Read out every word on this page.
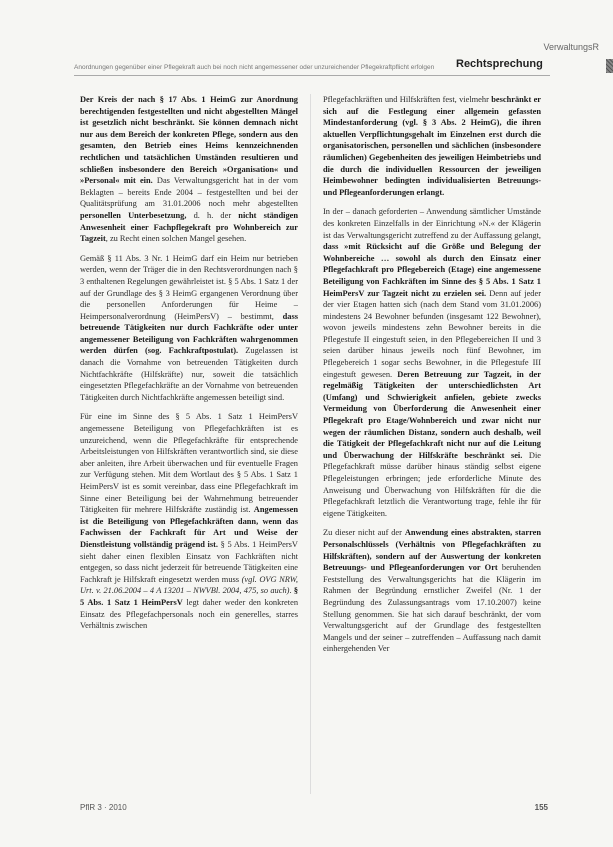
VerwaltungsR
Anordnungen gegenüber einer Pflegekraft auch bei noch nicht angemessener oder unzureichender Pflegekraftpflicht erfolgen	Rechtsprechung

Der Kreis der nach § 17 Abs. 1 HeimG zur Anordnung berechtigenden festgestellten und nicht abgestellten Mängel ist gesetzlich nicht beschränkt. Sie können demnach nicht nur aus dem Bereich der konkreten Pflege, sondern aus den gesamten, den Betrieb eines Heims kennzeichnenden rechtlichen und tatsächlichen Umständen resultieren und schließen insbesondere den Bereich »Organisation« und »Personal« mit ein. Das Verwaltungsgericht hat in der vom Beklagten – bereits Ende 2004 – festgestellten und bei der Qualitätsprüfung am 31.01.2006 noch mehr abgestellten personellen Unterbesetzung, d. h. der nicht ständigen Anwesenheit einer Fachpflegekraft pro Wohnbereich zur Tagzeit, zu Recht einen solchen Mangel gesehen.

Gemäß § 11 Abs. 3 Nr. 1 HeimG darf ein Heim nur betrieben werden, wenn der Träger die in den Rechtsverordnungen nach § 3 enthaltenen Regelungen gewährleistet ist. § 5 Abs. 1 Satz 1 der auf der Grundlage des § 3 HeimG ergangenen Verordnung über die personellen Anforderungen für Heime – Heimpersonalverordnung (HeimPersV) – bestimmt, dass betreuende Tätigkeiten nur durch Fachkräfte oder unter angemessener Beteiligung von Fachkräften wahrgenommen werden dürfen (sog. Fachkraftpostulat). Zugelassen ist danach die Vornahme von betreuenden Tätigkeiten durch Nichtfachkräfte (Hilfskräfte) nur, soweit die tatsächlich eingesetzten Pflegefachkräfte an der Vornahme von betreuenden Tätigkeiten durch Nichtfachkräfte angemessen beteiligt sind.

Für eine im Sinne des § 5 Abs. 1 Satz 1 HeimPersV angemessene Beteiligung von Pflegefachkräften ist es unzureichend, wenn die Pflegefachkräfte für entsprechende Arbeitsleistungen von Hilfskräften verantwortlich sind, sie diese aber anleiten, ihre Arbeit überwachen und für eventuelle Fragen zur Verfügung stehen. Mit dem Wortlaut des § 5 Abs. 1 Satz 1 HeimPersV ist es somit vereinbar, dass eine Pflegefachkraft im Sinne einer Beteiligung bei der Wahrnehmung betreuender Tätigkeiten für mehrere Hilfskräfte zuständig ist. Angemessen ist die Beteiligung von Pflegefachkräften dann, wenn das Fachwissen der Fachkraft für Art und Weise der Dienstleistung vollständig prägend ist. § 5 Abs. 1 HeimPersV sieht daher einen flexiblen Einsatz von Fachkräften nicht entgegen, so dass nicht jederzeit für betreuende Tätigkeiten eine Fachkraft je Hilfskraft eingesetzt werden muss (vgl. OVG NRW, Urt. v. 21.06.2004 – 4 A 13201 – NWVBl. 2004, 475, so auch). § 5 Abs. 1 Satz 1 HeimPersV legt daher weder den konkreten Einsatz des Pflegefachpersonals noch ein generelles, starres Verhältnis zwischen

Pflegefachkräften und Hilfskräften fest, vielmehr beschränkt er sich auf die Festlegung einer allgemein gefassten Mindestanforderung (vgl. § 3 Abs. 2 HeimG), die ihren aktuellen Verpflichtungsgehalt im Einzelnen erst durch die organisatorischen, personellen und sächlichen (insbesondere räumlichen) Gegebenheiten des jeweiligen Heimbetriebs und die durch die individuellen Ressourcen der jeweiligen Heimbewohner bedingten individualisierten Betreuungs- und Pflegeanforderungen erlangt.

In der – danach geforderten – Anwendung sämtlicher Umstände des konkreten Einzelfalls in der Einrichtung »N.« der Klägerin ist das Verwaltungsgericht zutreffend zu der Auffassung gelangt, dass »mit Rücksicht auf die Größe und Belegung der Wohnbereiche … sowohl als durch den Einsatz einer Pflegefachkraft pro Pflegebereich (Etage) eine angemessene Beteiligung von Fachkräften im Sinne des § 5 Abs. 1 Satz 1 HeimPersV zur Tagzeit nicht zu erzielen sei. Denn auf jeder der vier Etagen hatten sich (nach dem Stand vom 31.01.2006) mindestens 24 Bewohner befunden (insgesamt 122 Bewohner), wovon jeweils mindestens zehn Bewohner bereits in die Pflegestufe II eingestuft seien, in den Pflegebereichen II und 3 seien darüber hinaus jeweils noch fünf Bewohner, im Pflegebereich 1 sogar sechs Bewohner, in die Pflegestufe III eingestuft gewesen. Deren Betreuung zur Tagzeit, in der regelmäßig Tätigkeiten der unterschiedlichsten Art (Umfang) und Schwierigkeit anfielen, gebiete zwecks Vermeidung von Überforderung die Anwesenheit einer Pflegekraft pro Etage/Wohnbereich und zwar nicht nur wegen der räumlichen Distanz, sondern auch deshalb, weil die Tätigkeit der Pflegefachkraft nicht nur auf die Leitung und Überwachung der Hilfskräfte beschränkt sei. Die Pflegefachkraft müsse darüber hinaus ständig selbst eigene Pflegeleistungen erbringen; jede erforderliche Minute des Anweisung und Überwachung von Hilfskräften für die die Pflegefachkraft letztlich die Verantwortung trage, fehle ihr für eigene Tätigkeiten.

Zu dieser nicht auf der Anwendung eines abstrakten, starren Personalschlüssels (Verhältnis von Pflegefachkräften zu Hilfskräften), sondern auf der Auswertung der konkreten Betreuungs- und Pflegeanforderungen vor Ort beruhenden Feststellung des Verwaltungsgerichts hat die Klägerin im Rahmen der Begründung ernstlicher Zweifel (Nr. 1 der Begründung des Zulassungsantrags vom 17.10.2007) keine Stellung genommen. Sie hat sich darauf beschränkt, der vom Verwaltungsgericht auf der Grundlage des festgestellten Mangels und der seiner – zutreffenden – Auffassung nach damit einhergehenden Ver

PflR 3 · 2010	155
